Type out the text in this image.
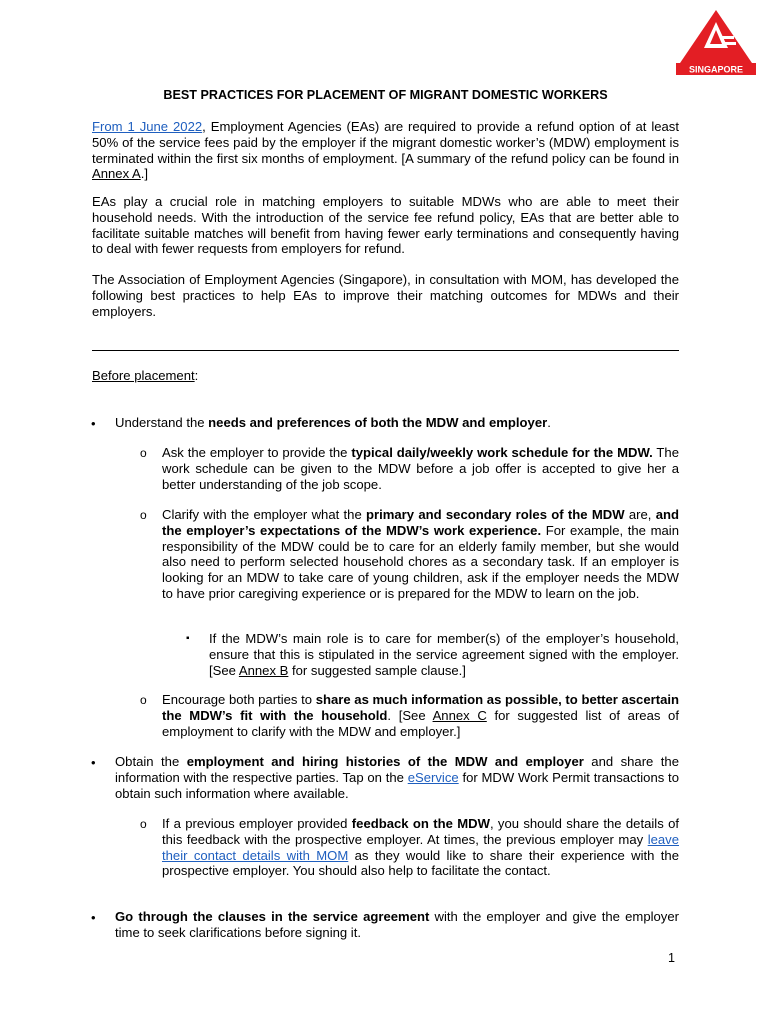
SINGAPORE
BEST PRACTICES FOR PLACEMENT OF MIGRANT DOMESTIC WORKERS

From 1 June 2022, Employment Agencies (EAs) are required to provide a refund option of at least 50% of the service fees paid by the employer if the migrant domestic worker’s (MDW) employment is terminated within the first six months of employment. [A summary of the refund policy can be found in Annex A.]

EAs play a crucial role in matching employers to suitable MDWs who are able to meet their household needs. With the introduction of the service fee refund policy, EAs that are better able to facilitate suitable matches will benefit from having fewer early terminations and consequently having to deal with fewer requests from employers for refund.

The Association of Employment Agencies (Singapore), in consultation with MOM, has developed the following best practices to help EAs to improve their matching outcomes for MDWs and their employers.

Before placement:

• Understand the needs and preferences of both the MDW and employer.

o Ask the employer to provide the typical daily/weekly work schedule for the MDW. The work schedule can be given to the MDW before a job offer is accepted to give her a better understanding of the job scope.

o Clarify with the employer what the primary and secondary roles of the MDW are, and the employer’s expectations of the MDW’s work experience. For example, the main responsibility of the MDW could be to care for an elderly family member, but she would also need to perform selected household chores as a secondary task. If an employer is looking for an MDW to take care of young children, ask if the employer needs the MDW to have prior caregiving experience or is prepared for the MDW to learn on the job.

▪ If the MDW’s main role is to care for member(s) of the employer’s household, ensure that this is stipulated in the service agreement signed with the employer. [See Annex B for suggested sample clause.]

o Encourage both parties to share as much information as possible, to better ascertain the MDW’s fit with the household. [See Annex C for suggested list of areas of employment to clarify with the MDW and employer.]

• Obtain the employment and hiring histories of the MDW and employer and share the information with the respective parties. Tap on the eService for MDW Work Permit transactions to obtain such information where available.

o If a previous employer provided feedback on the MDW, you should share the details of this feedback with the prospective employer. At times, the previous employer may leave their contact details with MOM as they would like to share their experience with the prospective employer. You should also help to facilitate the contact.

• Go through the clauses in the service agreement with the employer and give the employer time to seek clarifications before signing it.

1
